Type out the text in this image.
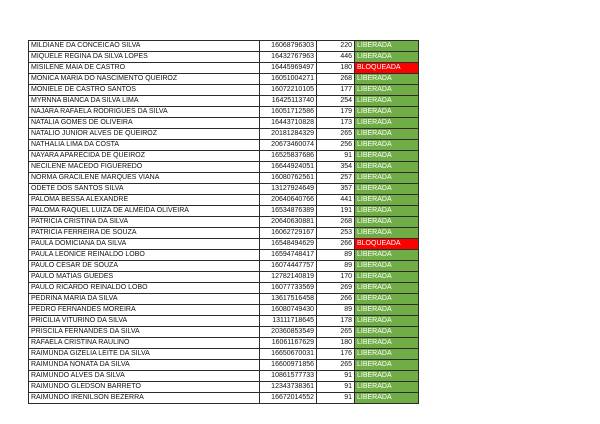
MILDIANE DA CONCEICAO SILVA	16068796303	220	LIBERADA
MIQUELE REGINA DA SILVA LOPES	16432767963	446	LIBERADA
MISILENE MAIA DE CASTRO	16445969497	180	BLOQUEADA
MONICA MARIA DO NASCIMENTO QUEIROZ	16051004271	268	LIBERADA
MONIELE DE CASTRO SANTOS	16072210105	177	LIBERADA
MYRNNA BIANCA DA SILVA LIMA	16425113740	254	LIBERADA
NAJARA RAFAELA RODRIGUES DA SILVA	16051712586	179	LIBERADA
NATALIA GOMES DE OLIVEIRA	16443710828	173	LIBERADA
NATALIO JUNIOR ALVES DE QUEIROZ	20181284329	265	LIBERADA
NATHALIA LIMA DA COSTA	20673460074	256	LIBERADA
NAYARA APARECIDA DE QUEIROZ	16525837686	91	LIBERADA
NECILENE MACEDO FIGUEREDO	16644924051	354	LIBERADA
NORMA GRACILENE MARQUES VIANA	16080762561	257	LIBERADA
ODETE DOS SANTOS SILVA	13127924649	357	LIBERADA
PALOMA BESSA ALEXANDRE	20640640766	441	LIBERADA
PALOMA RAQUEL LUIZA DE ALMEIDA OLIVEIRA	16534876389	191	LIBERADA
PATRICIA CRISTINA DA SILVA	20640630881	268	LIBERADA
PATRICIA FERREIRA DE SOUZA	16062729167	253	LIBERADA
PAULA DOMICIANA DA SILVA	16548494629	266	BLOQUEADA
PAULA LEONICE REINALDO LOBO	16594748417	89	LIBERADA
PAULO CESAR DE SOUZA	16074447757	89	LIBERADA
PAULO MATIAS GUEDES	12782140819	170	LIBERADA
PAULO RICARDO REINALDO LOBO	16077733569	269	LIBERADA
PEDRINA MARIA DA SILVA	13617516458	266	LIBERADA
PEDRO FERNANDES MOREIRA	16080749430	89	LIBERADA
PRICILIA VITURINO DA SILVA	13111718645	178	LIBERADA
PRISCILA FERNANDES DA SILVA	20360853549	265	LIBERADA
RAFAELA CRISTINA RAULINO	16061167629	180	LIBERADA
RAIMUNDA GIZELIA LEITE DA SILVA	16650670031	176	LIBERADA
RAIMUNDA NONATA DA SILVA	16600971856	265	LIBERADA
RAIMUNDO ALVES DA SILVA	10861577733	91	LIBERADA
RAIMUNDO GLEDSON BARRETO	12343738361	91	LIBERADA
RAIMUNDO IRENILSON BEZERRA	16672014552	91	LIBERADA
